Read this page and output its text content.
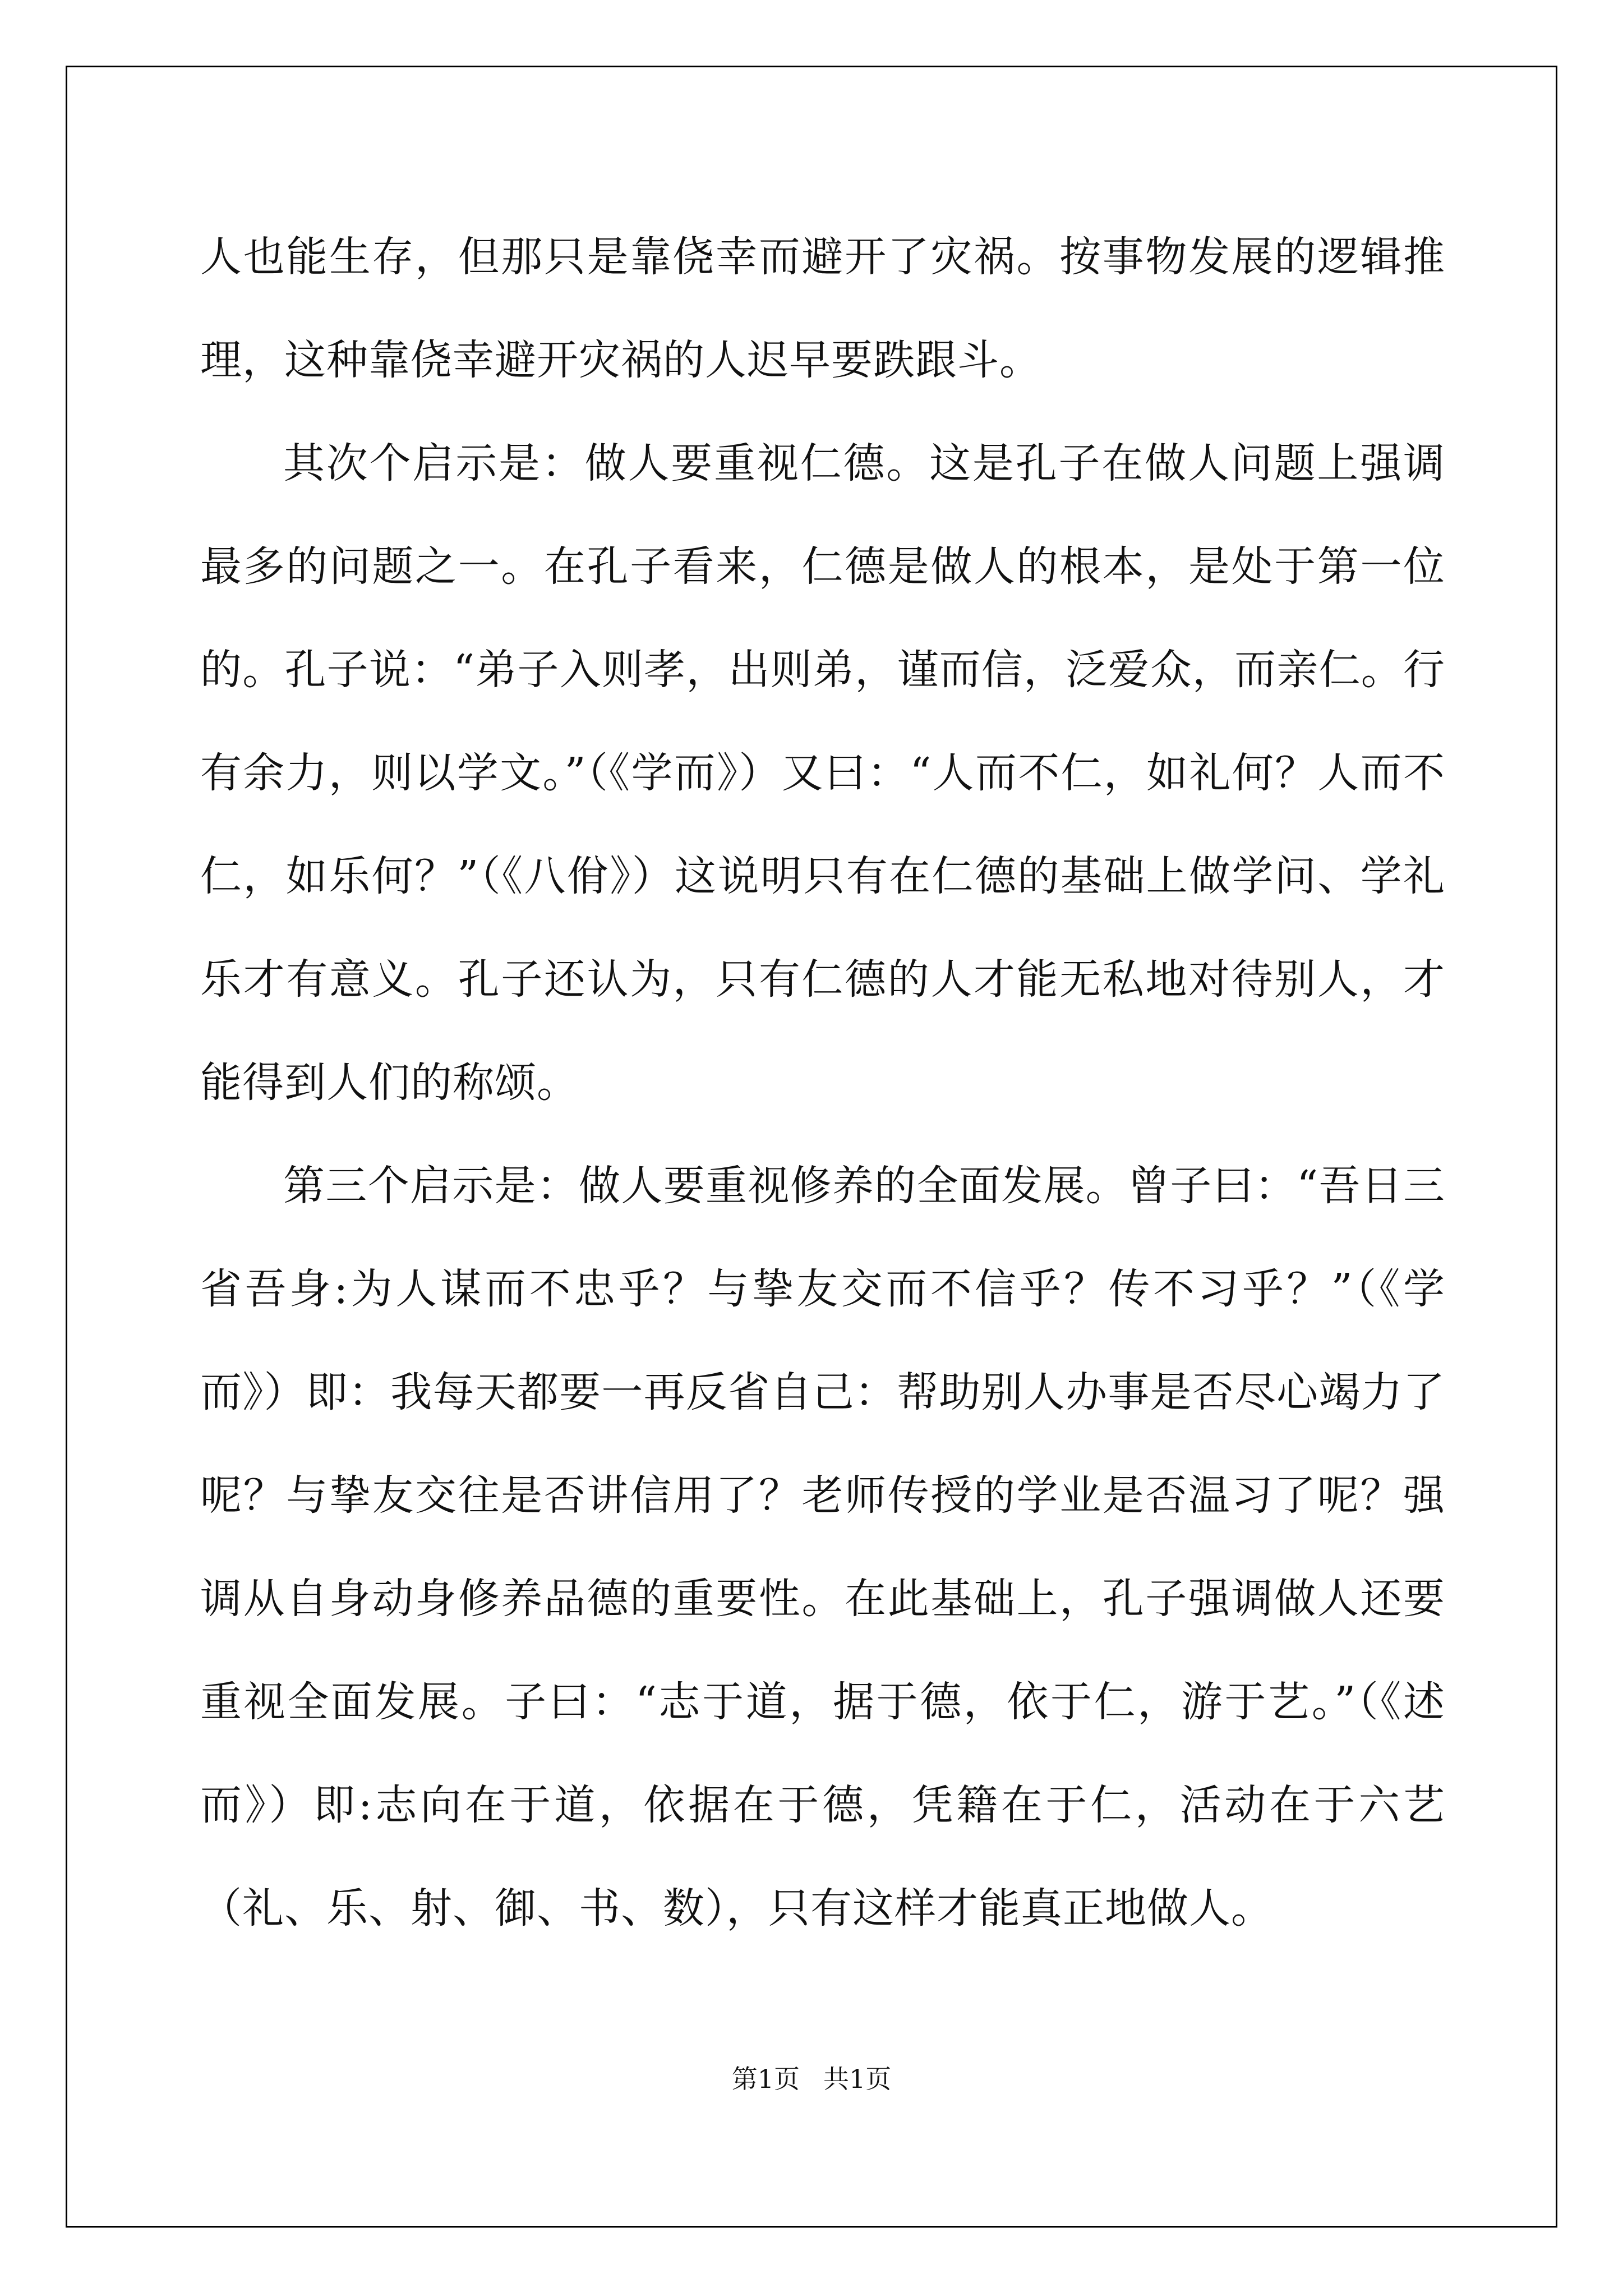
人也能生存，但那只是靠侥幸而避开了灾祸。按事物发展的逻辑推理，这种靠侥幸避开灾祸的人迟早要跌跟斗。

其次个启示是：做人要重视仁德。这是孔子在做人问题上强调最多的问题之一。在孔子看来，仁德是做人的根本，是处于第一位的。孔子说：“弟子入则孝，出则弟，谨而信，泛爱众，而亲仁。行有余力，则以学文。”（《学而》）又曰：“人而不仁，如礼何？人而不仁，如乐何？”（《八佾》）这说明只有在仁德的基础上做学问、学礼乐才有意义。孔子还认为，只有仁德的人才能无私地对待别人，才能得到人们的称颂。

第三个启示是：做人要重视修养的全面发展。曾子曰：“吾日三省吾身:为人谋而不忠乎？与挚友交而不信乎？传不习乎？”（《学而》）即：我每天都要一再反省自己：帮助别人办事是否尽心竭力了呢？与挚友交往是否讲信用了？老师传授的学业是否温习了呢？强调从自身动身修养品德的重要性。在此基础上，孔子强调做人还要重视全面发展。子曰：“志于道，据于德，依于仁，游于艺。”（《述而》）即:志向在于道，依据在于德，凭籍在于仁，活动在于六艺（礼、乐、射、御、书、数），只有这样才能真正地做人。

第1页 共1页
